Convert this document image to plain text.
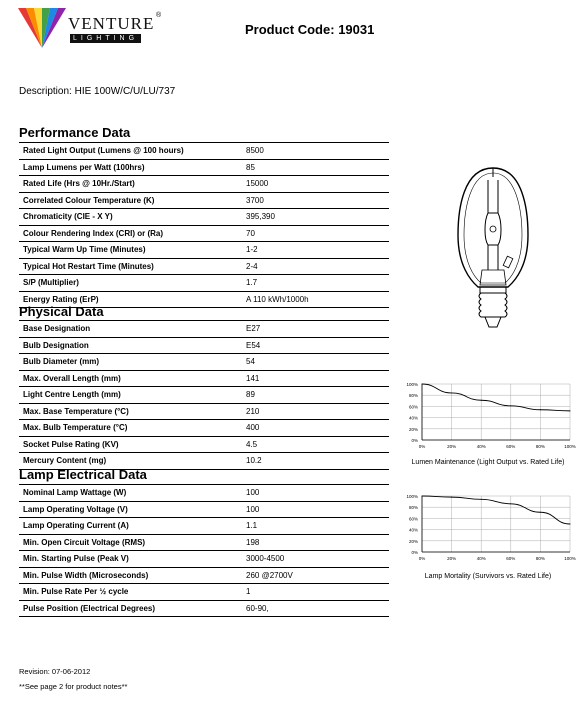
VENTURE ®
LIGHTING
Product Code: 19031
Description: HIE 100W/C/U/LU/737
Performance Data
Rated Light Output (Lumens @ 100 hours)	8500
Lamp Lumens per Watt (100hrs)	85
Rated Life (Hrs @ 10Hr./Start)	15000
Correlated Colour Temperature (K)	3700
Chromaticity (CIE - X Y)	395,390
Colour Rendering Index (CRI) or (Ra)	70
Typical Warm Up Time (Minutes)	1-2
Typical Hot Restart Time (Minutes)	2-4
S/P (Multiplier)	1.7
Energy Rating (ErP)	A 110 kWh/1000h
Physical Data
Base Designation	E27
Bulb Designation	E54
Bulb Diameter (mm)	54
Max. Overall Length (mm)	141
Light Centre Length (mm)	89
Max. Base Temperature (°C)	210
Max. Bulb Temperature (°C)	400
Socket Pulse Rating (KV)	4.5
Mercury Content (mg)	10.2
Lamp Electrical Data
Nominal Lamp Wattage (W)	100
Lamp Operating Voltage (V)	100
Lamp Operating Current (A)	1.1
Min. Open Circuit Voltage (RMS)	198
Min. Starting Pulse (Peak V)	3000-4500
Min. Pulse Width (Microseconds)	260 @2700V
Min. Pulse Rate Per ½ cycle	1
Pulse Position (Electrical Degrees)	60-90,
0%
20%
40%
60%
80%
100%
0%	20%	40%	60%	80%	100%
Lumen Maintenance (Light Output vs. Rated Life)
0%
20%
40%
60%
80%
100%
0%	20%	40%	60%	80%	100%
Lamp Mortality (Survivors vs. Rated Life)
Revision: 07-06-2012
**See page 2 for product notes**
